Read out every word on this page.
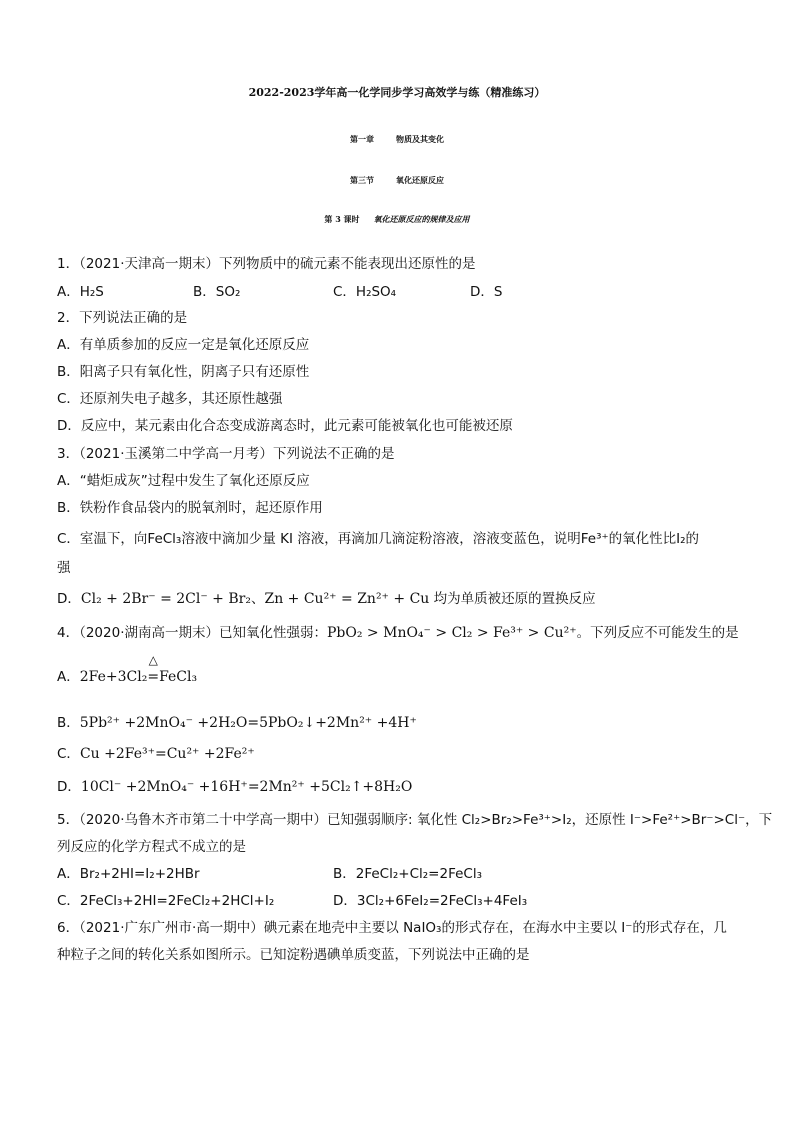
2022-2023学年高一化学同步学习高效学与练（精准练习）
第一章	物质及其变化
第三节	氧化还原反应
第 3 课时 氧化还原反应的规律及应用
1．（2021·天津高一期末）下列物质中的硫元素不能表现出还原性的是
A．H₂S	B．SO₂	C．H₂SO₄	D．S
2．下列说法正确的是
A．有单质参加的反应一定是氧化还原反应
B．阳离子只有氧化性，阴离子只有还原性
C．还原剂失电子越多，其还原性越强
D．反应中，某元素由化合态变成游离态时，此元素可能被氧化也可能被还原
3．（2021·玉溪第二中学高一月考）下列说法不正确的是
A．“蜡炬成灰”过程中发生了氧化还原反应
B．铁粉作食品袋内的脱氧剂时，起还原作用
C．室温下，向FeCl₃溶液中滴加少量 KI 溶液，再滴加几滴淀粉溶液，溶液变蓝色，说明Fe³⁺的氧化性比I₂的
强
D．Cl₂ + 2Br⁻ = 2Cl⁻ + Br₂、Zn + Cu²⁺ = Zn²⁺ + Cu 均为单质被还原的置换反应
4．（2020·湖南高一期末）已知氧化性强弱：PbO₂ > MnO₄⁻ > Cl₂ > Fe³⁺ > Cu²⁺。下列反应不可能发生的是
A．2Fe+3Cl₂
△
=FeCl₃
B．5Pb²⁺ +2MnO₄⁻ +2H₂O=5PbO₂↓+2Mn²⁺ +4H⁺
C．Cu +2Fe³⁺=Cu²⁺ +2Fe²⁺
D．10Cl⁻ +2MnO₄⁻ +16H⁺=2Mn²⁺ +5Cl₂↑+8H₂O
5．（2020·乌鲁木齐市第二十中学高一期中）已知强弱顺序: 氧化性 Cl₂>Br₂>Fe³⁺>I₂，还原性 I⁻>Fe²⁺>Br⁻>Cl⁻，下
列反应的化学方程式不成立的是
A．Br₂+2HI=I₂+2HBr	B．2FeCl₂+Cl₂=2FeCl₃
C．2FeCl₃+2HI=2FeCl₂+2HCl+I₂	D．3Cl₂+6FeI₂=2FeCl₃+4FeI₃
6．（2021·广东广州市·高一期中）碘元素在地壳中主要以 NaIO₃的形式存在，在海水中主要以 I⁻的形式存在，几
种粒子之间的转化关系如图所示。已知淀粉遇碘单质变蓝，下列说法中正确的是
